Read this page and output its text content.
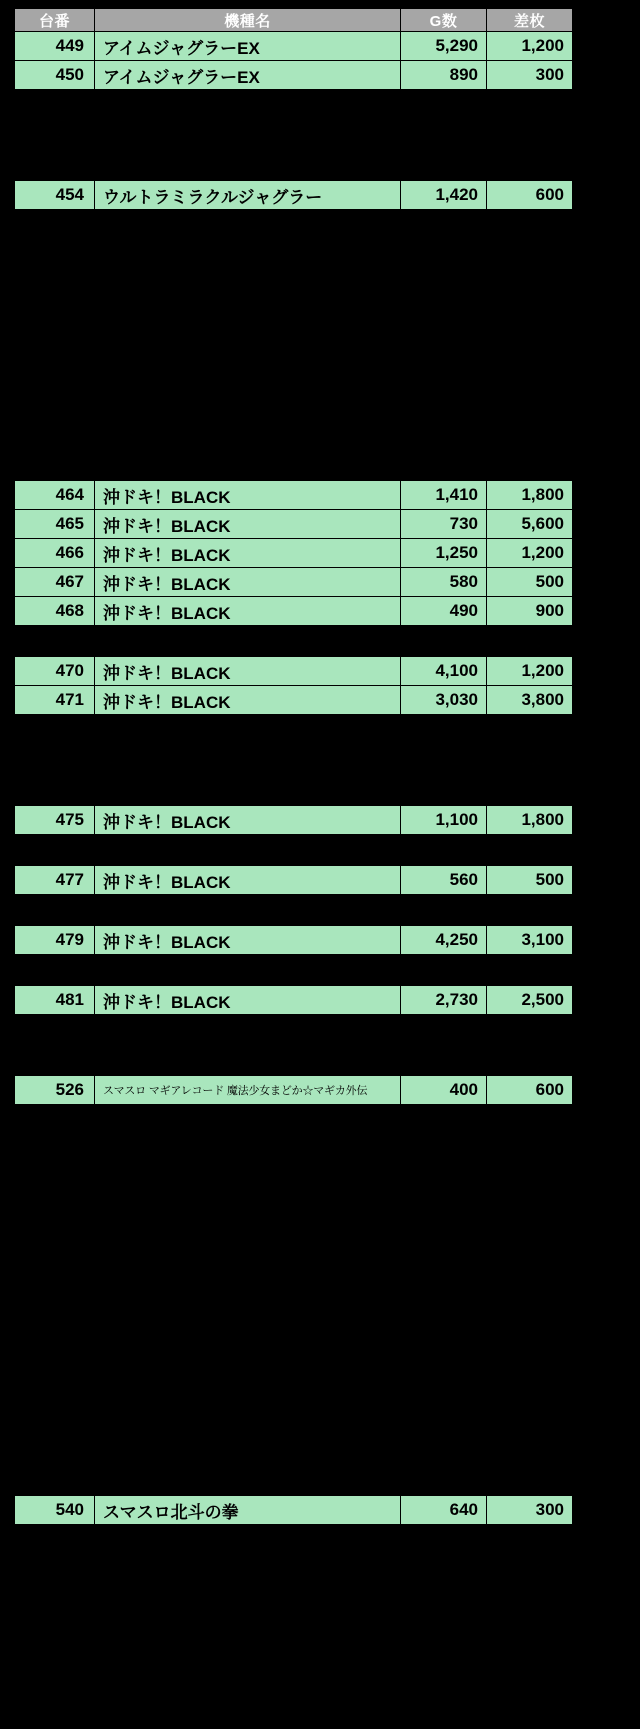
台番	機種名	G数	差枚
449	アイムジャグラーEX	5,290	1,200
450	アイムジャグラーEX	890	300

454	ウルトラミラクルジャグラー	1,420	600

464	沖ドキ！BLACK	1,410	1,800
465	沖ドキ！BLACK	730	5,600
466	沖ドキ！BLACK	1,250	1,200
467	沖ドキ！BLACK	580	500
468	沖ドキ！BLACK	490	900

470	沖ドキ！BLACK	4,100	1,200
471	沖ドキ！BLACK	3,030	3,800

475	沖ドキ！BLACK	1,100	1,800

477	沖ドキ！BLACK	560	500

479	沖ドキ！BLACK	4,250	3,100

481	沖ドキ！BLACK	2,730	2,500

526	スマスロ マギアレコード 魔法少女まどか☆マギカ外伝	400	600

540	スマスロ北斗の拳	640	300
